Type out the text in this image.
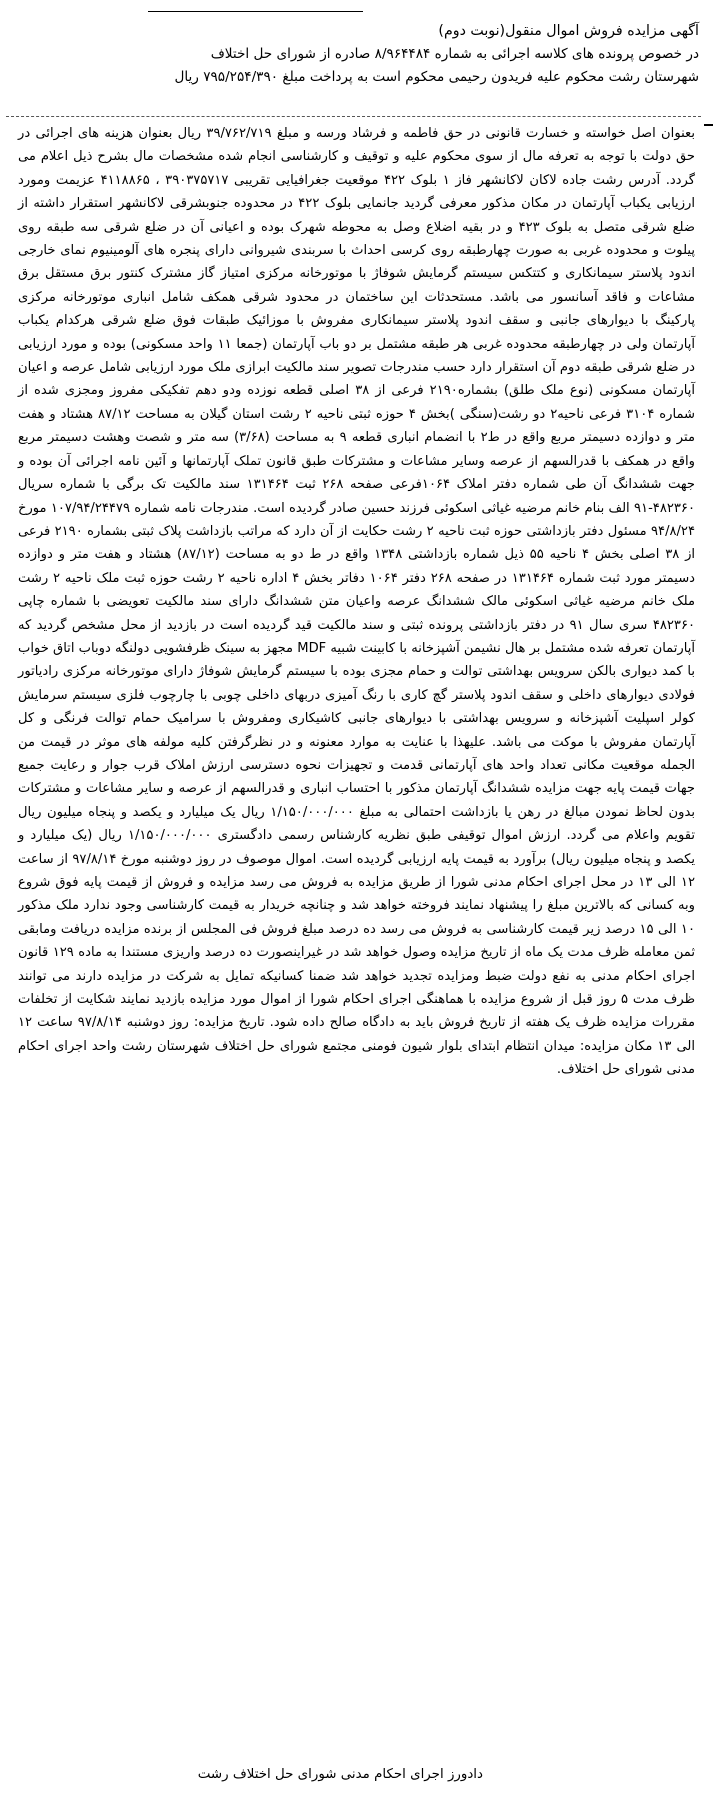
آگهی مزایده فروش اموال منقول(نوبت دوم)

در خصوص پرونده های کلاسه اجرائی به شماره ۸/۹۶۴۴۸۴ صادره از شورای حل اختلاف

شهرستان رشت محکوم علیه فریدون رحیمی محکوم است به پرداخت مبلغ ۷۹۵/۲۵۴/۳۹۰ ریال

بعنوان اصل خواسته و خسارت قانونی در حق فاطمه و فرشاد ورسه و مبلغ ۳۹/۷۶۲/۷۱۹ ریال بعنوان هزینه های اجرائی در حق دولت با توجه به تعرفه مال از سوی محکوم علیه و توقیف و کارشناسی انجام شده مشخصات مال بشرح ذیل اعلام می گردد. آدرس رشت جاده لاکان لاکانشهر فاز ۱ بلوک ۴۲۲ موقعیت جغرافیایی تقریبی ۳۹۰۳۷۵۷۱۷ ، ۴۱۱۸۸۶۵ عزیمت ومورد ارزیابی یکباب آپارتمان در مکان مذکور معرفی گردید جانمایی بلوک ۴۲۲ در محدوده جنوبشرقی لاکانشهر استقرار داشته از ضلع شرقی متصل به بلوک ۴۲۳ و در بقیه اضلاع وصل به محوطه شهرک بوده و اعیانی آن در ضلع شرقی سه طبقه روی پیلوت و محدوده غربی به صورت چهارطبقه روی کرسی احداث با سربندی شیروانی دارای پنجره های آلومینیوم نمای خارجی اندود پلاستر سیمانکاری و کتتکس سیستم گرمایش شوفاژ با موتورخانه مرکزی امتیاز گاز مشترک کنتور برق مستقل برق مشاعات و فاقد آسانسور می باشد. مستحدثات این ساختمان در محدود شرقی همکف شامل انباری موتورخانه مرکزی پارکینگ با دیوارهای جانبی و سقف اندود پلاستر سیمانکاری مفروش با موزائیک طبقات فوق ضلع شرقی هرکدام یکباب آپارتمان ولی در چهارطبقه محدوده غربی هر طبقه مشتمل بر دو باب آپارتمان (جمعا ۱۱ واحد مسکونی) بوده و مورد ارزیابی در ضلع شرقی طبقه دوم آن استقرار دارد حسب مندرجات تصویر سند مالکیت ابرازی ملک مورد ارزیابی شامل عرصه و اعیان آپارتمان مسکونی (نوع ملک طلق) بشماره۲۱۹۰ فرعی از ۳۸ اصلی قطعه نوزده ودو دهم تفکیکی مفروز ومجزی شده از شماره ۳۱۰۴ فرعی ناحیه۲ دو رشت(سنگی )بخش ۴ حوزه ثبتی ناحیه ۲ رشت استان گیلان به مساحت ۸۷/۱۲ هشتاد و هفت متر و دوازده دسیمتر مربع واقع در ط۲ با انضمام انباری قطعه ۹ به مساحت (۳/۶۸) سه متر و شصت وهشت دسیمتر مربع واقع در همکف با قدرالسهم از عرصه وسایر مشاعات و مشترکات طبق قانون تملک آپارتمانها و آئین نامه اجرائی آن بوده و جهت ششدانگ آن طی شماره دفتر املاک ۱۰۶۴فرعی صفحه ۲۶۸ ثبت ۱۳۱۴۶۴ سند مالکیت تک برگی با شماره سریال ۴۸۲۳۶۰-۹۱ الف بنام خانم مرضیه غیاثی اسکوئی فرزند حسین صادر گردیده است. مندرجات نامه شماره ۱۰۷/۹۴/۲۴۴۷۹ مورخ ۹۴/۸/۲۴ مسئول دفتر بازداشتی حوزه ثبت ناحیه ۲ رشت حکایت از آن دارد که مراتب بازداشت پلاک ثبتی بشماره ۲۱۹۰ فرعی از ۳۸ اصلی بخش ۴ ناحیه ۵۵ ذیل شماره بازداشتی ۱۳۴۸ واقع در ط دو به مساحت (۸۷/۱۲) هشتاد و هفت متر و دوازده دسیمتر مورد ثبت شماره ۱۳۱۴۶۴ در صفحه ۲۶۸ دفتر ۱۰۶۴ دفاتر بخش ۴ اداره ناحیه ۲ رشت حوزه ثبت ملک ناحیه ۲ رشت ملک خانم مرضیه غیاثی اسکوئی مالک ششدانگ عرصه واعیان متن ششدانگ دارای سند مالکیت تعویضی با شماره چاپی ۴۸۲۳۶۰ سری سال ۹۱ در دفتر بازداشتی پرونده ثبتی و سند مالکیت قید گردیده است در بازدید از محل مشخص گردید که آپارتمان تعرفه شده مشتمل بر هال نشیمن آشپزخانه با کابینت شبیه MDF مجهز به سینک ظرفشویی دولنگه دوباب اتاق خواب با کمد دیواری بالکن سرویس بهداشتی توالت و حمام مجزی بوده با سیستم گرمایش شوفاژ دارای موتورخانه مرکزی رادیاتور فولادی دیوارهای داخلی و سقف اندود پلاستر گچ کاری با رنگ آمیزی دربهای داخلی چوبی با چارچوب فلزی سیستم سرمایش کولر اسپلیت آشپزخانه و سرویس بهداشتی با دیوارهای جانبی کاشیکاری ومفروش با سرامیک حمام توالت فرنگی و کل آپارتمان مفروش با موکت می باشد. علیهذا با عنایت به موارد معنونه و در نظرگرفتن کلیه مولفه های موثر در قیمت من الجمله موقعیت مکانی تعداد واحد های آپارتمانی قدمت و تجهیزات نحوه دسترسی ارزش املاک قرب جوار و رعایت جمیع جهات قیمت پایه جهت مزایده ششدانگ آپارتمان مذکور با احتساب انباری و قدرالسهم از عرصه و سایر مشاعات و مشترکات بدون لحاظ نمودن مبالغ در رهن یا بازداشت احتمالی به مبلغ ۱/۱۵۰/۰۰۰/۰۰۰ ریال یک میلیارد و یکصد و پنجاه میلیون ریال تقویم واعلام می گردد. ارزش اموال توقیفی طبق نظریه کارشناس رسمی دادگستری ۱/۱۵۰/۰۰۰/۰۰۰ ریال (یک میلیارد و یکصد و پنجاه میلیون ریال) برآورد به قیمت پایه ارزیابی گردیده است. اموال موصوف در روز دوشنبه مورخ ۹۷/۸/۱۴ از ساعت ۱۲ الی ۱۳ در محل اجرای احکام مدنی شورا از طریق مزایده به فروش می رسد مزایده و فروش از قیمت پایه فوق شروع وبه کسانی که بالاترین مبلغ را پیشنهاد نمایند فروخته خواهد شد و چنانچه خریدار به قیمت کارشناسی وجود ندارد ملک مذکور ۱۰ الی ۱۵ درصد زیر قیمت کارشناسی به فروش می رسد ده درصد مبلغ فروش فی المجلس از برنده مزایده دریافت ومابقی ثمن معامله ظرف مدت یک ماه از تاریخ مزایده وصول خواهد شد در غیراینصورت ده درصد واریزی مستندا به ماده ۱۲۹ قانون اجرای احکام مدنی به نفع دولت ضبط ومزایده تجدید خواهد شد ضمنا کسانیکه تمایل به شرکت در مزایده دارند می توانند ظرف مدت ۵ روز قبل از شروع مزایده با هماهنگی اجرای احکام شورا از اموال مورد مزایده بازدید نمایند شکایت از تخلفات مقررات مزایده ظرف یک هفته از تاریخ فروش باید به دادگاه صالح داده شود. تاریخ مزایده: روز دوشنبه ۹۷/۸/۱۴ ساعت ۱۲ الی ۱۳ مکان مزایده: میدان انتظام ابتدای بلوار شیون فومنی مجتمع شورای حل اختلاف شهرستان رشت واحد اجرای احکام مدنی شورای حل اختلاف.

دادورز اجرای احکام مدنی شورای حل اختلاف رشت
